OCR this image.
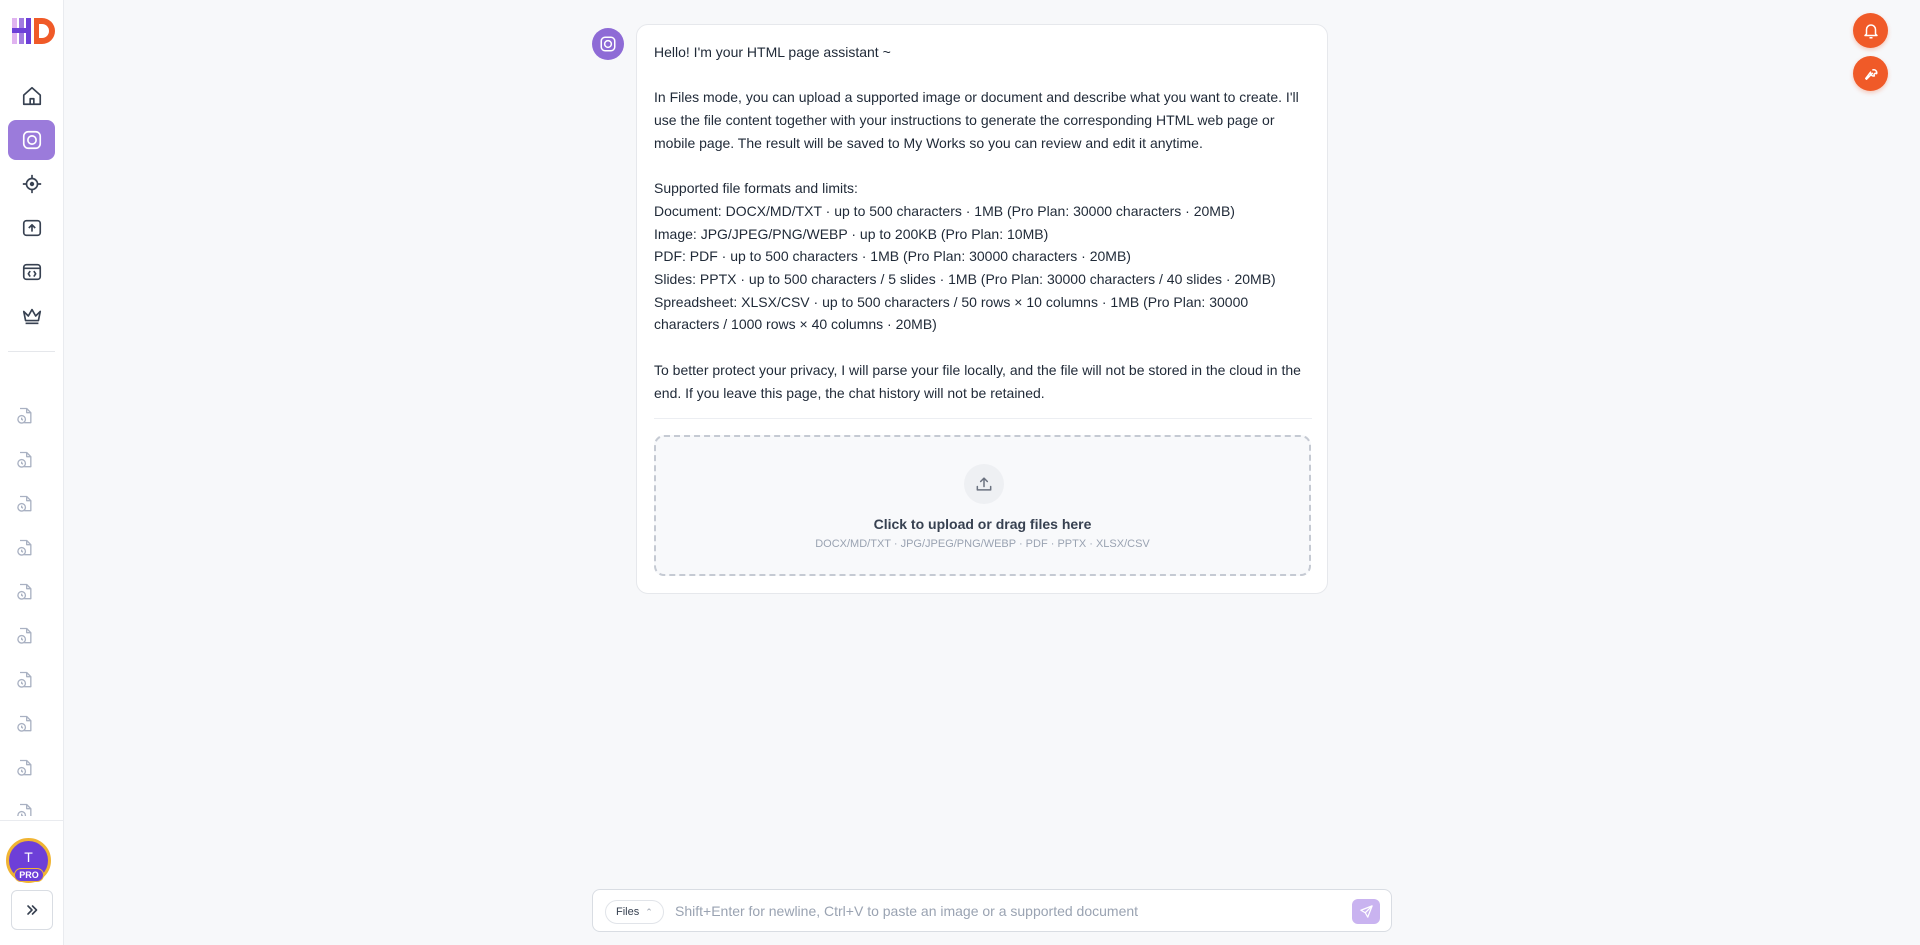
T
PRO
Hello! I'm your HTML page assistant ~

In Files mode, you can upload a supported image or document and describe what you want to create. I'll use the file content together with your instructions to generate the corresponding HTML web page or mobile page. The result will be saved to My Works so you can review and edit it anytime.

Supported file formats and limits:
Document: DOCX/MD/TXT · up to 500 characters · 1MB (Pro Plan: 30000 characters · 20MB)
Image: JPG/JPEG/PNG/WEBP · up to 200KB (Pro Plan: 10MB)
PDF: PDF · up to 500 characters · 1MB (Pro Plan: 30000 characters · 20MB)
Slides: PPTX · up to 500 characters / 5 slides · 1MB (Pro Plan: 30000 characters / 40 slides · 20MB)
Spreadsheet: XLSX/CSV · up to 500 characters / 50 rows × 10 columns · 1MB (Pro Plan: 30000 characters / 1000 rows × 40 columns · 20MB)

To better protect your privacy, I will parse your file locally, and the file will not be stored in the cloud in the end. If you leave this page, the chat history will not be retained.
Click to upload or drag files here
DOCX/MD/TXT · JPG/JPEG/PNG/WEBP · PDF · PPTX · XLSX/CSV
Files ⌃
Shift+Enter for newline, Ctrl+V to paste an image or a supported document
